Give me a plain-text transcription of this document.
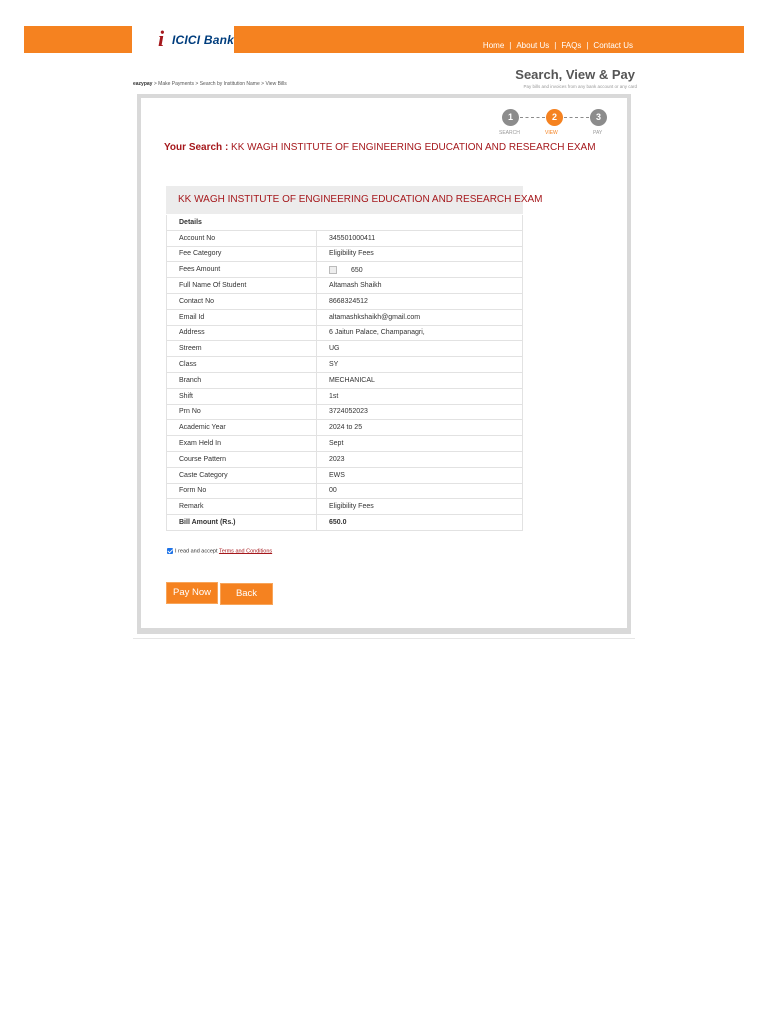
i ICICI Bank	Home | About Us | FAQs | Contact Us
eazypay > Make Payments > Search by Institution Name > View Bills
Search, View & Pay
Pay bills and invoices from any bank account or any card
1	2	3
SEARCH	VIEW	PAY
Your Search : KK WAGH INSTITUTE OF ENGINEERING EDUCATION AND RESEARCH EXAM
KK WAGH INSTITUTE OF ENGINEERING EDUCATION AND RESEARCH EXAM
Details	
Account No	345501000411
Fee Category	Eligibility Fees
Fees Amount	650
Full Name Of Student	Altamash Shaikh
Contact No	8668324512
Email Id	altamashkshaikh@gmail.com
Address	6 Jaitun Palace, Champanagri,
Streem	UG
Class	SY
Branch	MECHANICAL
Shift	1st
Prn No	3724052023
Academic Year	2024 to 25
Exam Held In	Sept
Course Pattern	2023
Caste Category	EWS
Form No	00
Remark	Eligibility Fees
Bill Amount (Rs.)	650.0
I read and accept Terms and Conditions
Pay Now	Back
